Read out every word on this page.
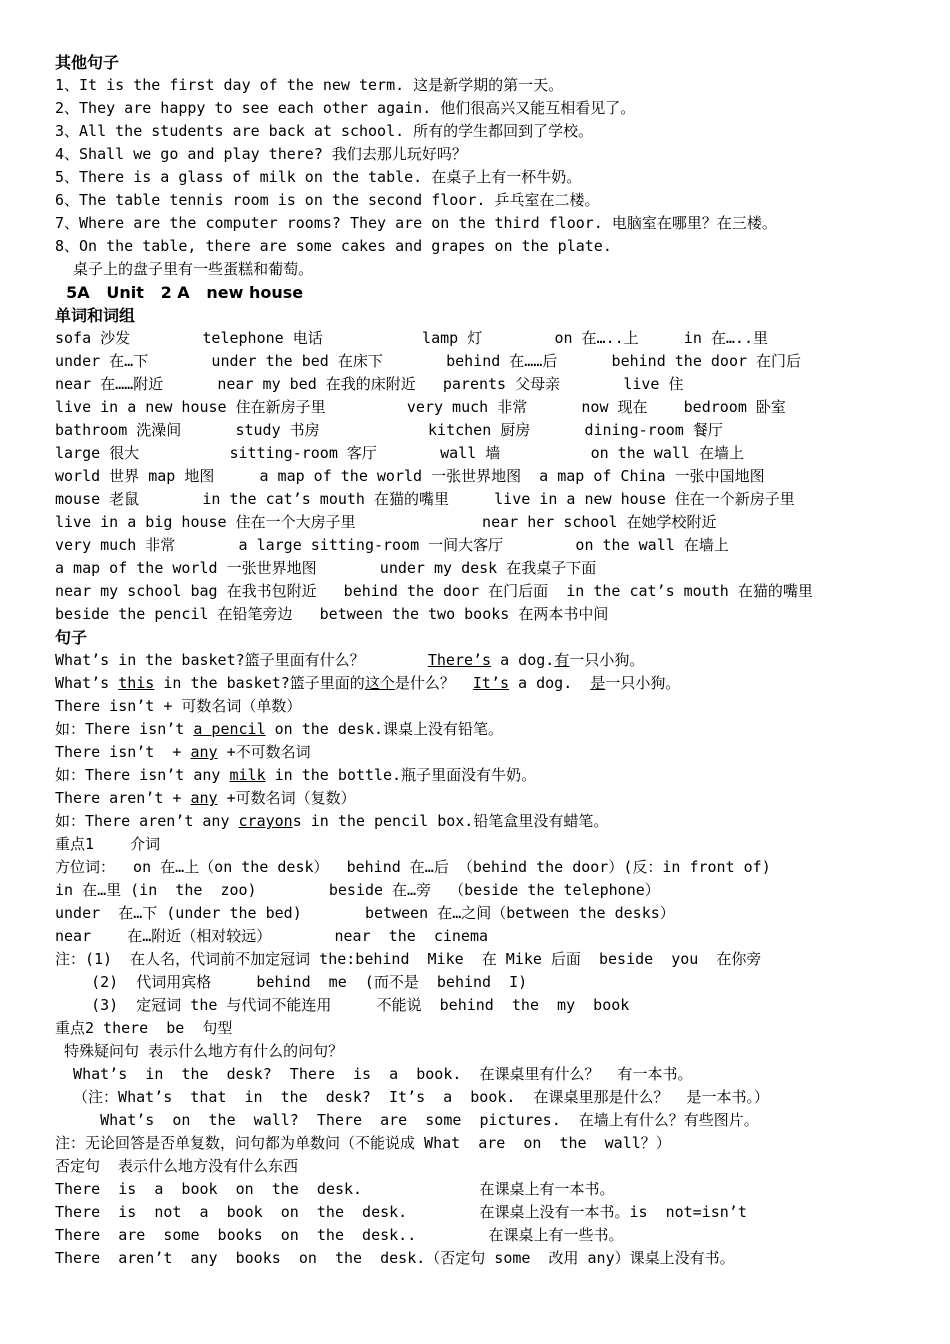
其他句子
1、It is the first day of the new term. 这是新学期的第一天。
2、They are happy to see each other again. 他们很高兴又能互相看见了。
3、All the students are back at school. 所有的学生都回到了学校。
4、Shall we go and play there? 我们去那儿玩好吗？
5、There is a glass of milk on the table. 在桌子上有一杯牛奶。
6、The table tennis room is on the second floor. 乒乓室在二楼。
7、Where are the computer rooms? They are on the third floor. 电脑室在哪里？在三楼。
8、On the table, there are some cakes and grapes on the plate.
桌子上的盘子里有一些蛋糕和葡萄。
5A   Unit   2 A   new house
单词和词组
sofa 沙发        telephone 电话           lamp 灯        on 在…..上     in 在…..里
under 在…下       under the bed 在床下       behind 在……后      behind the door 在门后
near 在……附近      near my bed 在我的床附近   parents 父母亲       live 住
live in a new house 住在新房子里         very much 非常      now 现在    bedroom 卧室
bathroom 洗澡间      study 书房            kitchen 厨房      dining-room 餐厅
large 很大          sitting-room 客厅       wall 墙          on the wall 在墙上
world 世界 map 地图     a map of the world 一张世界地图  a map of China 一张中国地图
mouse 老鼠       in the cat’s mouth 在猫的嘴里     live in a new house 住在一个新房子里
live in a big house 住在一个大房子里              near her school 在她学校附近
very much 非常       a large sitting-room 一间大客厅        on the wall 在墙上
a map of the world 一张世界地图       under my desk 在我桌子下面
near my school bag 在我书包附近   behind the door 在门后面  in the cat’s mouth 在猫的嘴里
beside the pencil 在铅笔旁边   between the two books 在两本书中间
句子
What’s in the basket?篮子里面有什么？       There’s a dog.有一只小狗。
What’s this in the basket?篮子里面的这个是什么？  It’s a dog.  是一只小狗。
There isn’t + 可数名词（单数）
如：There isn’t a pencil on the desk.课桌上没有铅笔。
There isn’t  + any +不可数名词
如：There isn’t any milk in the bottle.瓶子里面没有牛奶。
There aren’t + any +可数名词（复数）
如：There aren’t any crayons in the pencil box.铅笔盒里没有蜡笔。
重点1    介词
方位词：  on 在…上（on the desk）  behind 在…后 （behind the door）(反：in front of)
in 在…里 (in  the  zoo)        beside 在…旁  （beside the telephone）
under  在…下 (under the bed)       between 在…之间（between the desks）
near    在…附近（相对较远）       near  the  cinema
注：(1)  在人名，代词前不加定冠词 the:behind  Mike  在 Mike 后面  beside  you  在你旁
(2)  代词用宾格     behind  me  (而不是  behind  I)
(3)  定冠词 the 与代词不能连用     不能说  behind  the  my  book
重点2 there  be  句型
特殊疑问句 表示什么地方有什么的问句？
What’s  in  the  desk?  There  is  a  book.  在课桌里有什么？  有一本书。
（注：What’s  that  in  the  desk?  It’s  a  book.  在课桌里那是什么？  是一本书。）
What’s  on  the  wall?  There  are  some  pictures.  在墙上有什么？有些图片。
注：无论回答是否单复数，问句都为单数问（不能说成 What  are  on  the  wall？）
否定句  表示什么地方没有什么东西
There  is  a  book  on  the  desk.             在课桌上有一本书。
There  is  not  a  book  on  the  desk.        在课桌上没有一本书。is  not=isn’t
There  are  some  books  on  the  desk..        在课桌上有一些书。
There  aren’t  any  books  on  the  desk.（否定句 some  改用 any）课桌上没有书。
